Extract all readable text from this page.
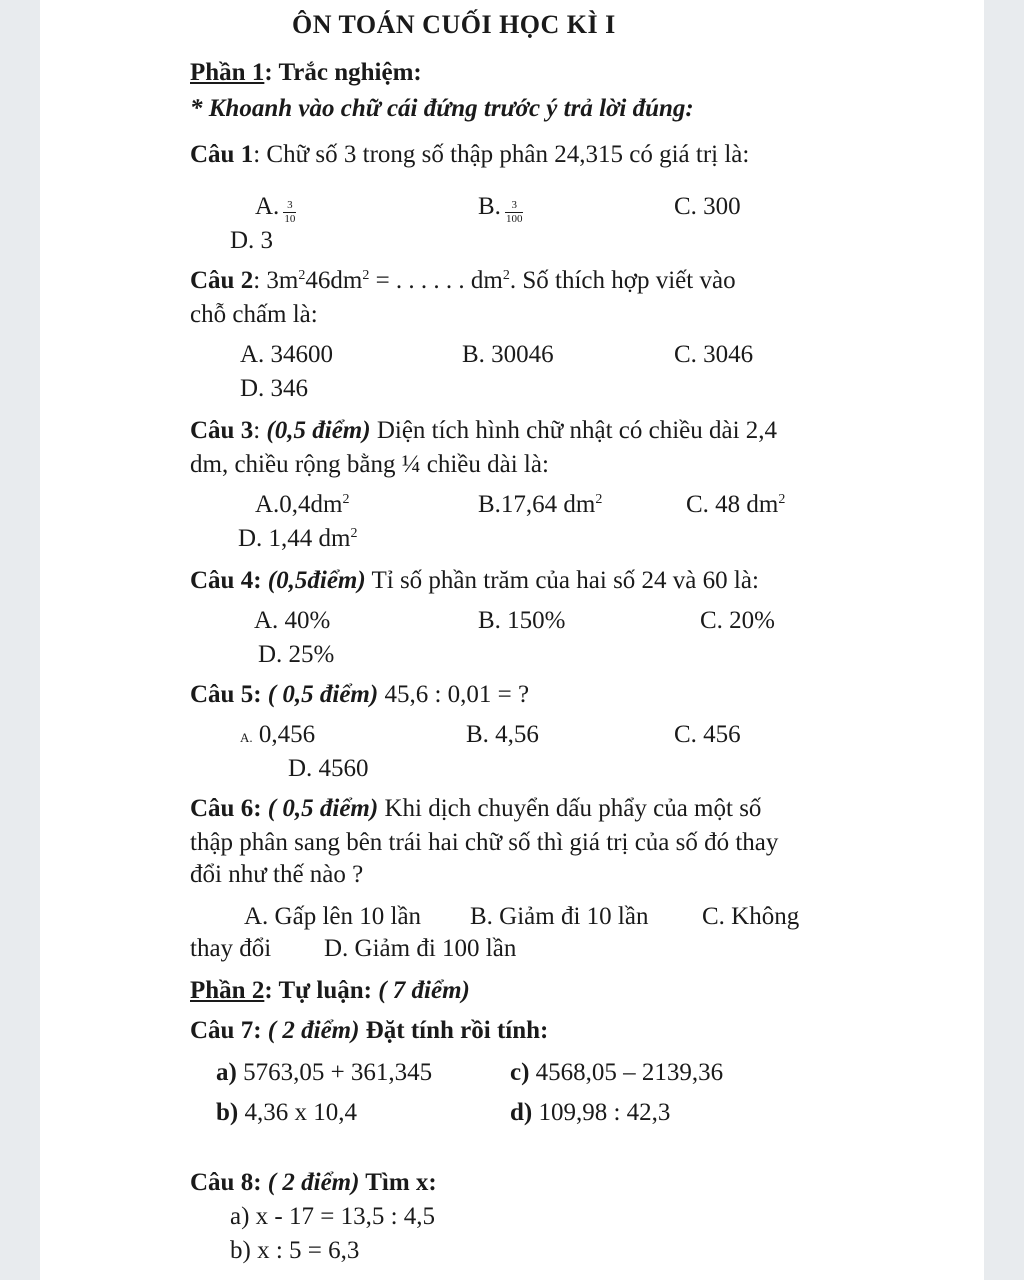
ÔN TOÁN CUỐI HỌC KÌ I
Phần 1: Trắc nghiệm:
* Khoanh vào chữ cái đứng trước ý trả lời đúng:
Câu 1: Chữ số 3 trong số thập phân 24,315 có giá trị là:
A. $\frac{3}{10}$	B. $\frac{3}{100}$	C. 300
D. 3
Câu 2: $3m^246dm^2$ = . . . . . . $dm^2$. Số thích hợp viết vào
chỗ chấm là:
A. 34600	B. 30046	C. 3046
D. 346
Câu 3: (0,5 điểm) Diện tích hình chữ nhật có chiều dài 2,4
dm, chiều rộng bằng ¼ chiều dài là:
$A.0,4dm^2$	B.17,64 $dm^2$	C. 48 $dm^2$
D. 1,44 $dm^2$
Câu 4: (0,5điểm) Tỉ số phần trăm của hai số 24 và 60 là:
A. 40%	B. 150%	C. 20%
D. 25%
Câu 5: ( 0,5 điểm) 45,6 : 0,01 = ?
A. 0,456	B. 4,56	C. 456
D. 4560
Câu 6: ( 0,5 điểm) Khi dịch chuyển dấu phẩy của một số
thập phân sang bên trái hai chữ số thì giá trị của số đó thay
đổi như thế nào ?
A. Gấp lên 10 lần B. Giảm đi 10 lần C. Không
thay đổi D. Giảm đi 100 lần
Phần 2: Tự luận: ( 7 điểm)
Câu 7: ( 2 điểm) Đặt tính rồi tính:
a) 5763,05 + 361,345	c) 4568,05 – 2139,36
b) 4,36 x 10,4	d) 109,98 : 42,3
Câu 8: ( 2 điểm) Tìm x:
a) x - 17 = 13,5 : 4,5
b) x : 5 = 6,3
